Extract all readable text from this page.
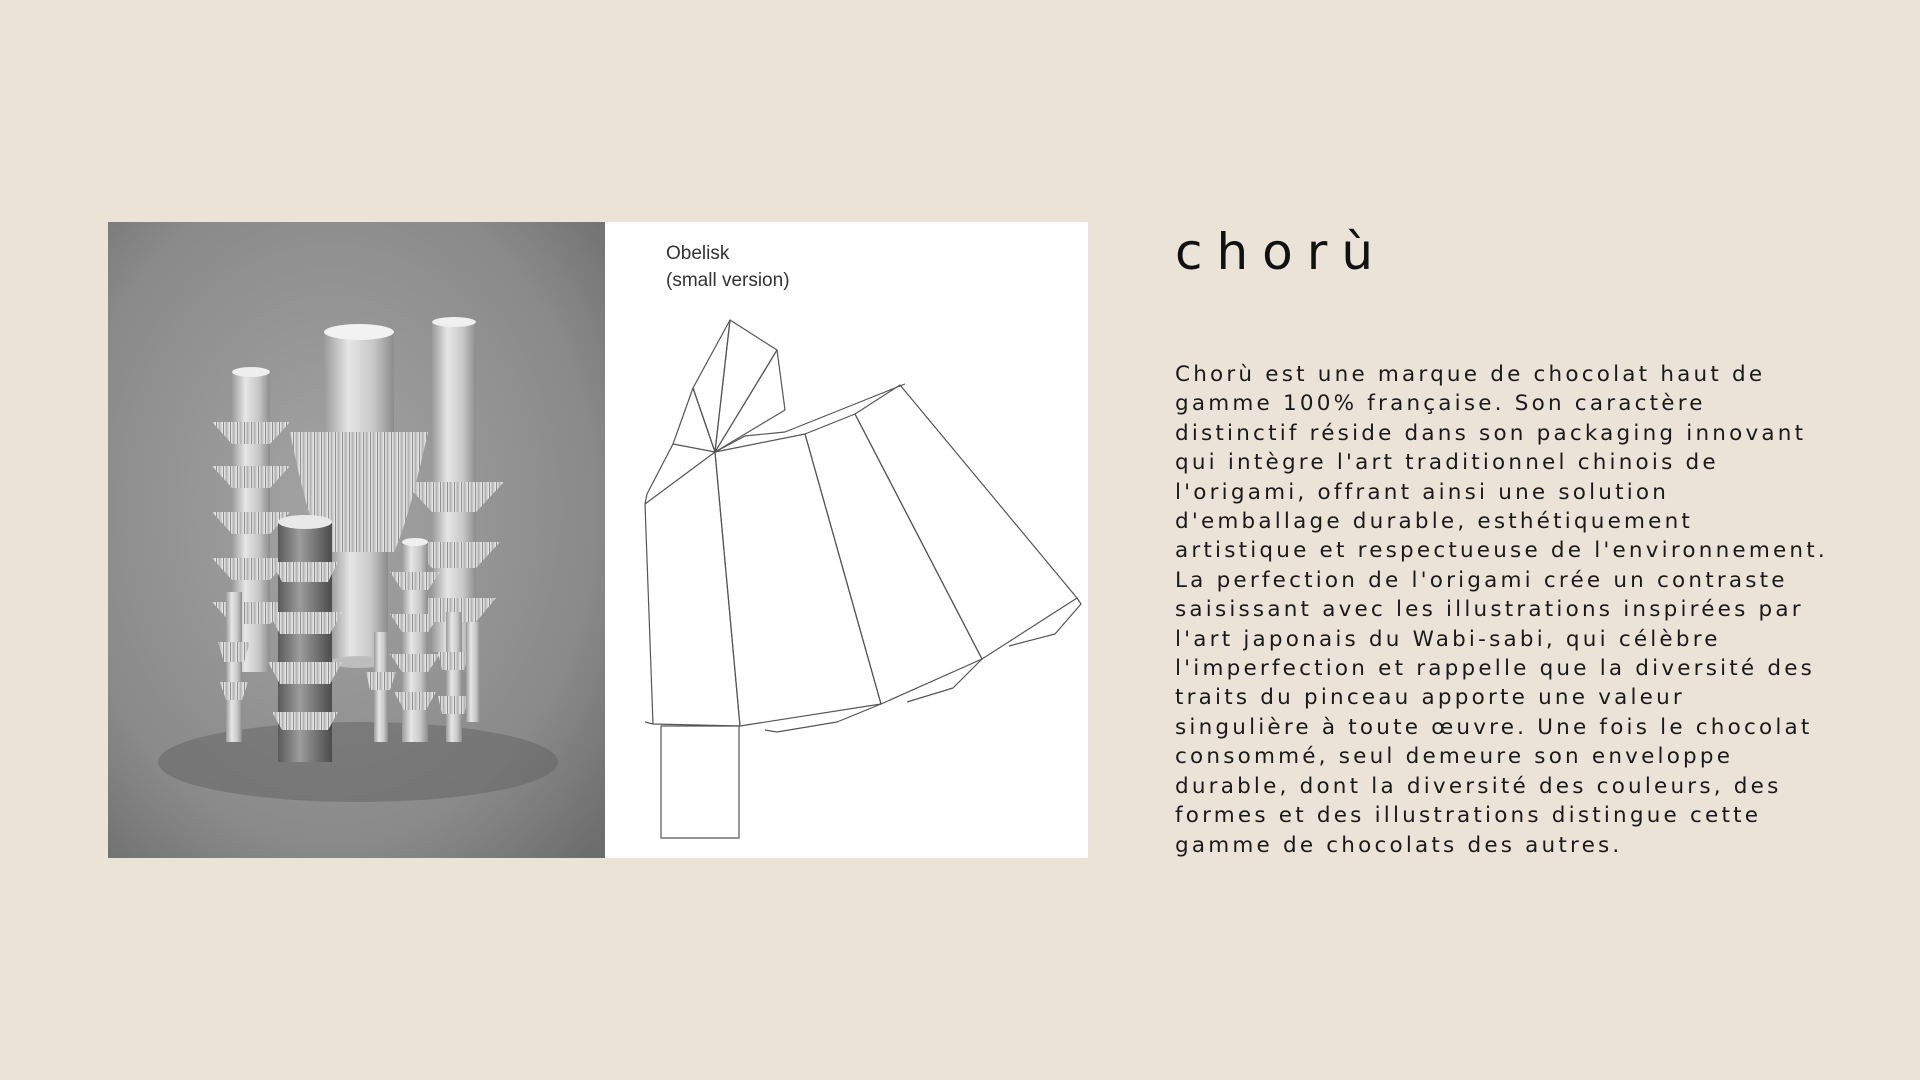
Obelisk
(small version)	chorù

Chorù est une marque de chocolat haut de
gamme 100% française. Son caractère
distinctif réside dans son packaging innovant
qui intègre l'art traditionnel chinois de
l'origami, offrant ainsi une solution
d'emballage durable, esthétiquement
artistique et respectueuse de l'environnement.
La perfection de l'origami crée un contraste
saisissant avec les illustrations inspirées par
l'art japonais du Wabi-sabi, qui célèbre
l'imperfection et rappelle que la diversité des
traits du pinceau apporte une valeur
singulière à toute œuvre. Une fois le chocolat
consommé, seul demeure son enveloppe
durable, dont la diversité des couleurs, des
formes et des illustrations distingue cette
gamme de chocolats des autres.
